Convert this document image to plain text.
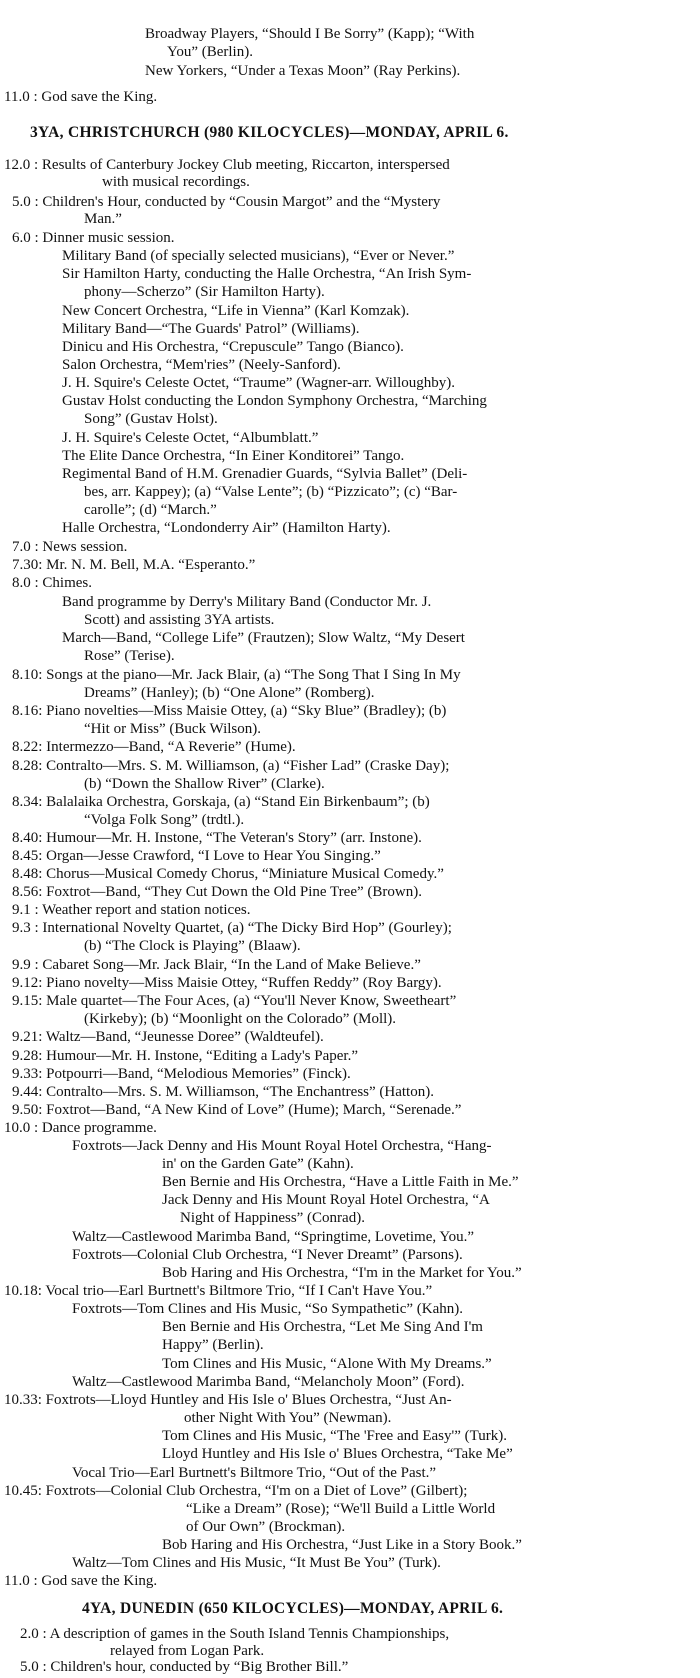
Broadway Players, “Should I Be Sorry” (Kapp); “With
You” (Berlin).
New Yorkers, “Under a Texas Moon” (Ray Perkins).
11.0 : God save the King.
3YA, CHRISTCHURCH (980 KILOCYCLES)—MONDAY, APRIL 6.
12.0 : Results of Canterbury Jockey Club meeting, Riccarton, interspersed
with musical recordings.
5.0 : Children's Hour, conducted by “Cousin Margot” and the “Mystery
Man.”
6.0 : Dinner music session.
Military Band (of specially selected musicians), “Ever or Never.”
Sir Hamilton Harty, conducting the Halle Orchestra, “An Irish Sym-
phony—Scherzo” (Sir Hamilton Harty).
New Concert Orchestra, “Life in Vienna” (Karl Komzak).
Military Band—“The Guards' Patrol” (Williams).
Dinicu and His Orchestra, “Crepuscule” Tango (Bianco).
Salon Orchestra, “Mem'ries” (Neely-Sanford).
J. H. Squire's Celeste Octet, “Traume” (Wagner-arr. Willoughby).
Gustav Holst conducting the London Symphony Orchestra, “Marching
Song” (Gustav Holst).
J. H. Squire's Celeste Octet, “Albumblatt.”
The Elite Dance Orchestra, “In Einer Konditorei” Tango.
Regimental Band of H.M. Grenadier Guards, “Sylvia Ballet” (Deli-
bes, arr. Kappey); (a) “Valse Lente”; (b) “Pizzicato”; (c) “Bar-
carolle”; (d) “March.”
Halle Orchestra, “Londonderry Air” (Hamilton Harty).
7.0 : News session.
7.30: Mr. N. M. Bell, M.A. “Esperanto.”
8.0 : Chimes.
Band programme by Derry's Military Band (Conductor Mr. J.
Scott) and assisting 3YA artists.
March—Band, “College Life” (Frautzen); Slow Waltz, “My Desert
Rose” (Terise).
8.10: Songs at the piano—Mr. Jack Blair, (a) “The Song That I Sing In My
Dreams” (Hanley); (b) “One Alone” (Romberg).
8.16: Piano novelties—Miss Maisie Ottey, (a) “Sky Blue” (Bradley); (b)
“Hit or Miss” (Buck Wilson).
8.22: Intermezzo—Band, “A Reverie” (Hume).
8.28: Contralto—Mrs. S. M. Williamson, (a) “Fisher Lad” (Craske Day);
(b) “Down the Shallow River” (Clarke).
8.34: Balalaika Orchestra, Gorskaja, (a) “Stand Ein Birkenbaum”; (b)
“Volga Folk Song” (trdtl.).
8.40: Humour—Mr. H. Instone, “The Veteran's Story” (arr. Instone).
8.45: Organ—Jesse Crawford, “I Love to Hear You Singing.”
8.48: Chorus—Musical Comedy Chorus, “Miniature Musical Comedy.”
8.56: Foxtrot—Band, “They Cut Down the Old Pine Tree” (Brown).
9.1 : Weather report and station notices.
9.3 : International Novelty Quartet, (a) “The Dicky Bird Hop” (Gourley);
(b) “The Clock is Playing” (Blaaw).
9.9 : Cabaret Song—Mr. Jack Blair, “In the Land of Make Believe.”
9.12: Piano novelty—Miss Maisie Ottey, “Ruffen Reddy” (Roy Bargy).
9.15: Male quartet—The Four Aces, (a) “You'll Never Know, Sweetheart”
(Kirkeby); (b) “Moonlight on the Colorado” (Moll).
9.21: Waltz—Band, “Jeunesse Doree” (Waldteufel).
9.28: Humour—Mr. H. Instone, “Editing a Lady's Paper.”
9.33: Potpourri—Band, “Melodious Memories” (Finck).
9.44: Contralto—Mrs. S. M. Williamson, “The Enchantress” (Hatton).
9.50: Foxtrot—Band, “A New Kind of Love” (Hume); March, “Serenade.”
10.0 : Dance programme.
Foxtrots—Jack Denny and His Mount Royal Hotel Orchestra, “Hang-
in' on the Garden Gate” (Kahn).
Ben Bernie and His Orchestra, “Have a Little Faith in Me.”
Jack Denny and His Mount Royal Hotel Orchestra, “A
Night of Happiness” (Conrad).
Waltz—Castlewood Marimba Band, “Springtime, Lovetime, You.”
Foxtrots—Colonial Club Orchestra, “I Never Dreamt” (Parsons).
Bob Haring and His Orchestra, “I'm in the Market for You.”
10.18: Vocal trio—Earl Burtnett's Biltmore Trio, “If I Can't Have You.”
Foxtrots—Tom Clines and His Music, “So Sympathetic” (Kahn).
Ben Bernie and His Orchestra, “Let Me Sing And I'm
Happy” (Berlin).
Tom Clines and His Music, “Alone With My Dreams.”
Waltz—Castlewood Marimba Band, “Melancholy Moon” (Ford).
10.33: Foxtrots—Lloyd Huntley and His Isle o' Blues Orchestra, “Just An-
other Night With You” (Newman).
Tom Clines and His Music, “The 'Free and Easy'” (Turk).
Lloyd Huntley and His Isle o' Blues Orchestra, “Take Me”
Vocal Trio—Earl Burtnett's Biltmore Trio, “Out of the Past.”
10.45: Foxtrots—Colonial Club Orchestra, “I'm on a Diet of Love” (Gilbert);
“Like a Dream” (Rose); “We'll Build a Little World
of Our Own” (Brockman).
Bob Haring and His Orchestra, “Just Like in a Story Book.”
Waltz—Tom Clines and His Music, “It Must Be You” (Turk).
11.0 : God save the King.
4YA, DUNEDIN (650 KILOCYCLES)—MONDAY, APRIL 6.
2.0 : A description of games in the South Island Tennis Championships,
relayed from Logan Park.
5.0 : Children's hour, conducted by “Big Brother Bill.”
